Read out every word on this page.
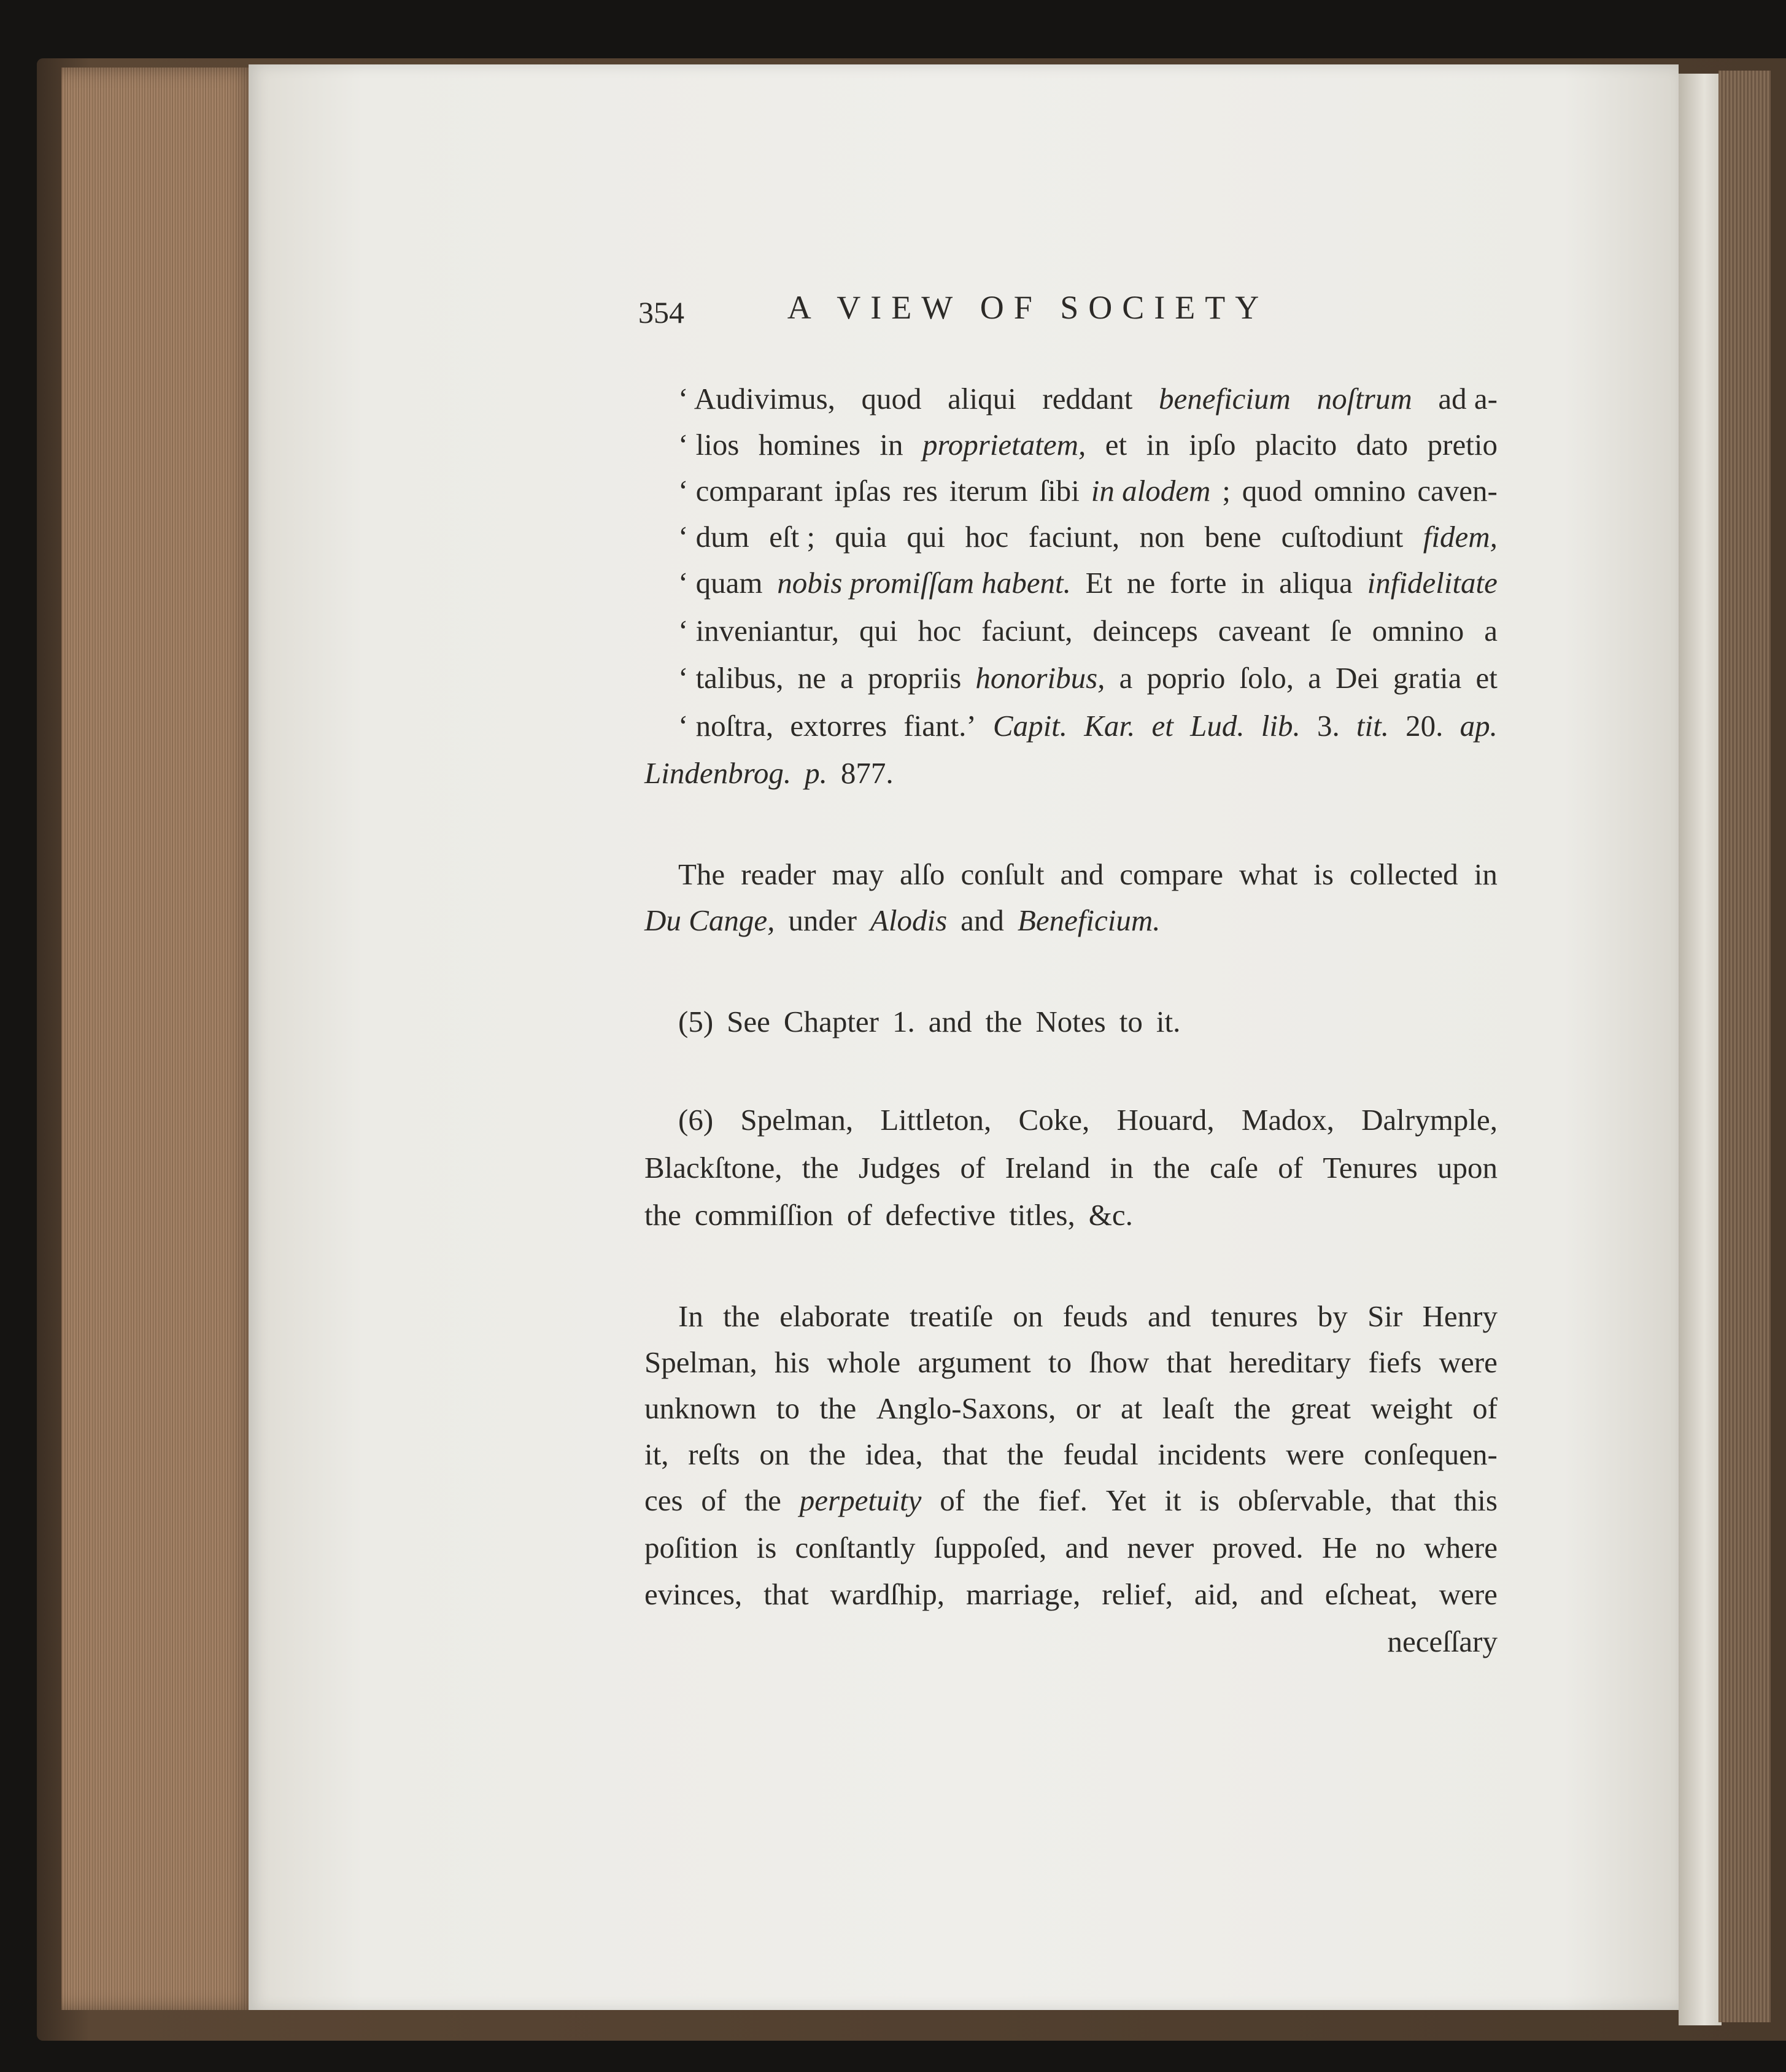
354	A VIEW OF SOCIETY
‘ Audivimus, quod aliqui reddant beneficium noſtrum ad a-
‘ lios homines in proprietatem, et in ipſo placito dato pretio
‘ comparant ipſas res iterum ſibi in alodem ; quod omnino caven-
‘ dum eſt ; quia qui hoc faciunt, non bene cuſtodiunt fidem,
‘ quam nobis promiſſam habent. Et ne forte in aliqua infidelitate
‘ inveniantur, qui hoc faciunt, deinceps caveant ſe omnino a
‘ talibus, ne a propriis honoribus, a poprio ſolo, a Dei gratia et
‘ noſtra, extorres fiant.’ Capit. Kar. et Lud. lib. 3. tit. 20. ap.
Lindenbrog. p. 877.
The reader may alſo conſult and compare what is collected in
Du Cange, under Alodis and Beneficium.
(5) See Chapter 1. and the Notes to it.
(6) Spelman, Littleton, Coke, Houard, Madox, Dalrymple,
Blackſtone, the Judges of Ireland in the caſe of Tenures upon
the commiſſion of defective titles, &c.
In the elaborate treatiſe on feuds and tenures by Sir Henry
Spelman, his whole argument to ſhow that hereditary fiefs were
unknown to the Anglo-Saxons, or at leaſt the great weight of
it, reſts on the idea, that the feudal incidents were conſequen-
ces of the perpetuity of the fief. Yet it is obſervable, that this
poſition is conſtantly ſuppoſed, and never proved. He no where
evinces, that wardſhip, marriage, relief, aid, and eſcheat, were
neceſſary
